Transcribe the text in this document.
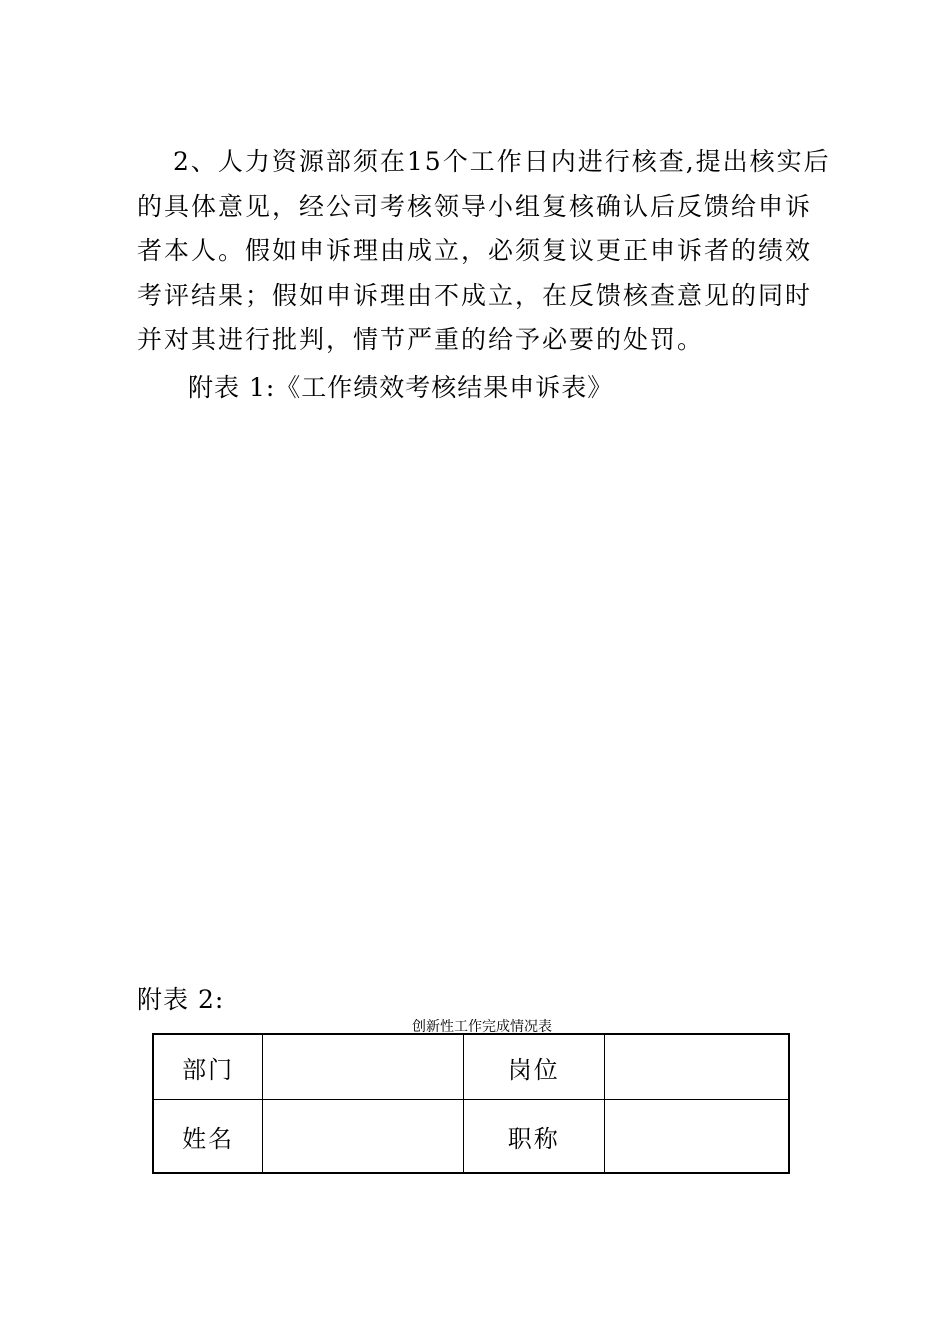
2、人力资源部须在15个工作日内进行核查,提出核实后的具体意见，经公司考核领导小组复核确认后反馈给申诉者本人。假如申诉理由成立，必须复议更正申诉者的绩效考评结果；假如申诉理由不成立，在反馈核查意见的同时并对其进行批判，情节严重的给予必要的处罚。

附表 1:《工作绩效考核结果申诉表》

附表 2:

创新性工作完成情况表

部门		岗位	
姓名		职称	
